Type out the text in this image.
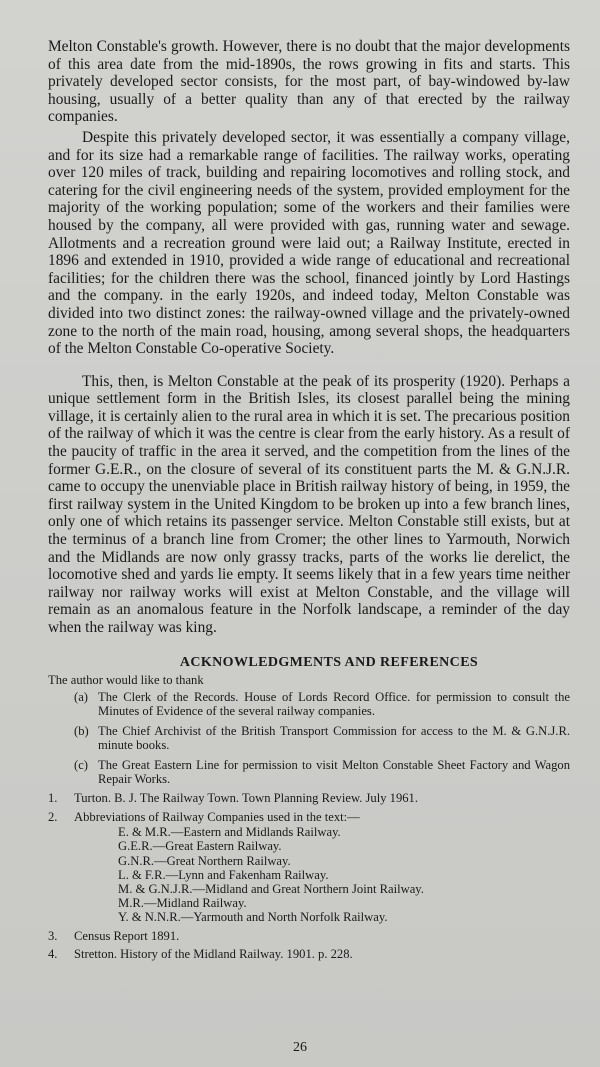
Melton Constable's growth. However, there is no doubt that the major developments of this area date from the mid-1890s, the rows growing in fits and starts. This privately developed sector consists, for the most part, of bay-windowed by-law housing, usually of a better quality than any of that erected by the railway companies.

Despite this privately developed sector, it was essentially a company village, and for its size had a remarkable range of facilities. The railway works, operating over 120 miles of track, building and repairing locomotives and rolling stock, and catering for the civil engineering needs of the system, provided employment for the majority of the working population; some of the workers and their families were housed by the company, all were provided with gas, running water and sewage. Allotments and a recreation ground were laid out; a Railway Institute, erected in 1896 and extended in 1910, provided a wide range of educational and recreational facilities; for the children there was the school, financed jointly by Lord Hastings and the company. in the early 1920s, and indeed today, Melton Constable was divided into two distinct zones: the railway-owned village and the privately-owned zone to the north of the main road, housing, among several shops, the headquarters of the Melton Constable Co-operative Society.

This, then, is Melton Constable at the peak of its prosperity (1920). Perhaps a unique settlement form in the British Isles, its closest parallel being the mining village, it is certainly alien to the rural area in which it is set. The precarious position of the railway of which it was the centre is clear from the early history. As a result of the paucity of traffic in the area it served, and the competition from the lines of the former G.E.R., on the closure of several of its constituent parts the M. & G.N.J.R. came to occupy the unenviable place in British railway history of being, in 1959, the first railway system in the United Kingdom to be broken up into a few branch lines, only one of which retains its passenger service. Melton Constable still exists, but at the terminus of a branch line from Cromer; the other lines to Yarmouth, Norwich and the Midlands are now only grassy tracks, parts of the works lie derelict, the locomotive shed and yards lie empty. It seems likely that in a few years time neither railway nor railway works will exist at Melton Constable, and the village will remain as an anomalous feature in the Norfolk landscape, a reminder of the day when the railway was king.

ACKNOWLEDGMENTS AND REFERENCES
The author would like to thank
(a) The Clerk of the Records. House of Lords Record Office. for permission to consult the Minutes of Evidence of the several railway companies.
(b) The Chief Archivist of the British Transport Commission for access to the M. & G.N.J.R. minute books.
(c) The Great Eastern Line for permission to visit Melton Constable Sheet Factory and Wagon Repair Works.
1.	Turton. B. J. The Railway Town. Town Planning Review. July 1961.
2.	Abbreviations of Railway Companies used in the text:—
E. & M.R.—Eastern and Midlands Railway.
G.E.R.—Great Eastern Railway.
G.N.R.—Great Northern Railway.
L. & F.R.—Lynn and Fakenham Railway.
M. & G.N.J.R.—Midland and Great Northern Joint Railway.
M.R.—Midland Railway.
Y. & N.N.R.—Yarmouth and North Norfolk Railway.
3.	Census Report 1891.
4.	Stretton. History of the Midland Railway. 1901. p. 228.
26
